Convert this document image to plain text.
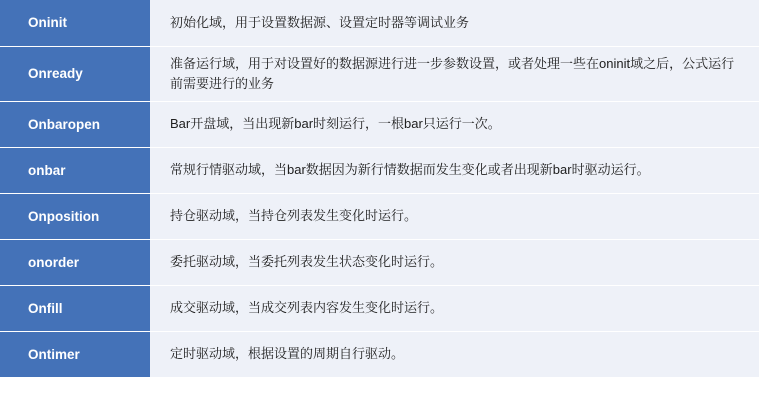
Oninit	初始化域，用于设置数据源、设置定时器等调试业务
Onready	准备运行域，用于对设置好的数据源进行进一步参数设置，或者处理一些在oninit域之后，公式运行前需要进行的业务
Onbaropen	Bar开盘域，当出现新bar时刻运行，一根bar只运行一次。
onbar	常规行情驱动域，当bar数据因为新行情数据而发生变化或者出现新bar时驱动运行。
Onposition	持仓驱动域，当持仓列表发生变化时运行。
onorder	委托驱动域，当委托列表发生状态变化时运行。
Onfill	成交驱动域，当成交列表内容发生变化时运行。
Ontimer	定时驱动域，根据设置的周期自行驱动。
